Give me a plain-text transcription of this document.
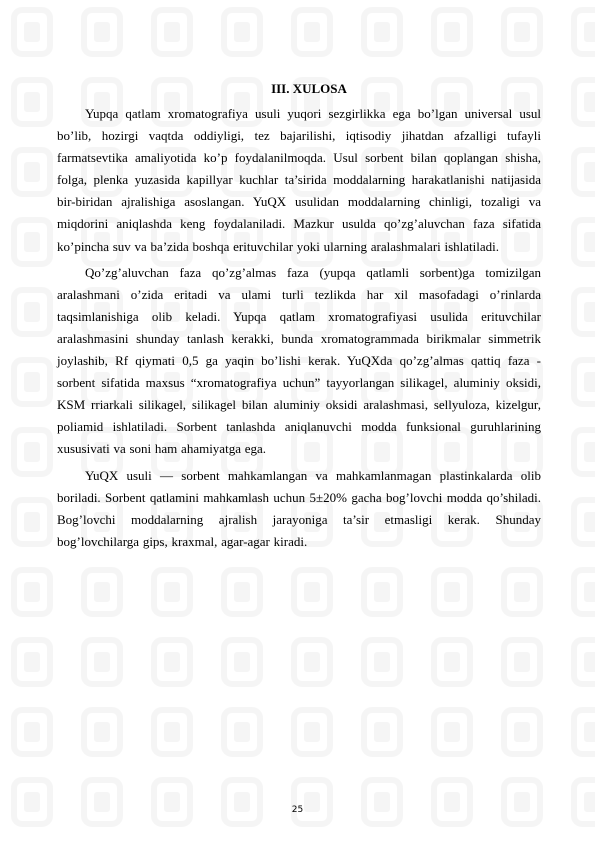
III. XULOSA

Yupqa qatlam xromatografiya usuli yuqori sezgirlikka ega bo’lgan universal usul bo’lib, hozirgi vaqtda oddiyligi, tez bajarilishi, iqtisodiy jihatdan afzalligi tufayli farmatsevtika amaliyotida ko’p foydalanilmoqda. Usul sorbent bilan qoplangan shisha, folga, plenka yuzasida kapillyar kuchlar ta’sirida moddalarning harakatlanishi natijasida bir-biridan ajralishiga asoslangan. YuQX usulidan moddalarning chinligi, tozaligi va miqdorini aniqlashda keng foydalaniladi. Mazkur usulda qo’zg’aluvchan faza sifatida ko’pincha suv va ba’zida boshqa erituvchilar yoki ularning aralashmalari ishlatiladi.

Qo’zg’aluvchan faza qo’zg’almas faza (yupqa qatlamli sorbent)ga tomizilgan aralashmani o’zida eritadi va ulami turli tezlikda har xil masofadagi o’rinlarda taqsimlanishiga olib keladi. Yupqa qatlam xromatografiyasi usulida erituvchilar aralashmasini shunday tanlash kerakki, bunda xromatogrammada birikmalar simmetrik joylashib, Rf qiymati 0,5 ga yaqin bo’lishi kerak. YuQXda qo’zg’almas qattiq faza - sorbent sifatida maxsus “xromatografiya uchun” tayyorlangan silikagel, aluminiy oksidi, KSM rriarkali silikagel, silikagel bilan aluminiy oksidi aralashmasi, sellyuloza, kizelgur, poliamid ishlatiladi. Sorbent tanlashda aniqlanuvchi modda funksional guruhlarining xususivati va soni ham ahamiyatga ega.

YuQX usuli — sorbent mahkamlangan va mahkamlanmagan plastinkalarda olib boriladi. Sorbent qatlamini mahkamlash uchun 5±20% gacha bog’lovchi modda qo’shiladi. Bog’lovchi moddalarning ajralish jarayoniga ta’sir etmasligi kerak. Shunday bog’lovchilarga gips, kraxmal, agar-agar kiradi.

25
